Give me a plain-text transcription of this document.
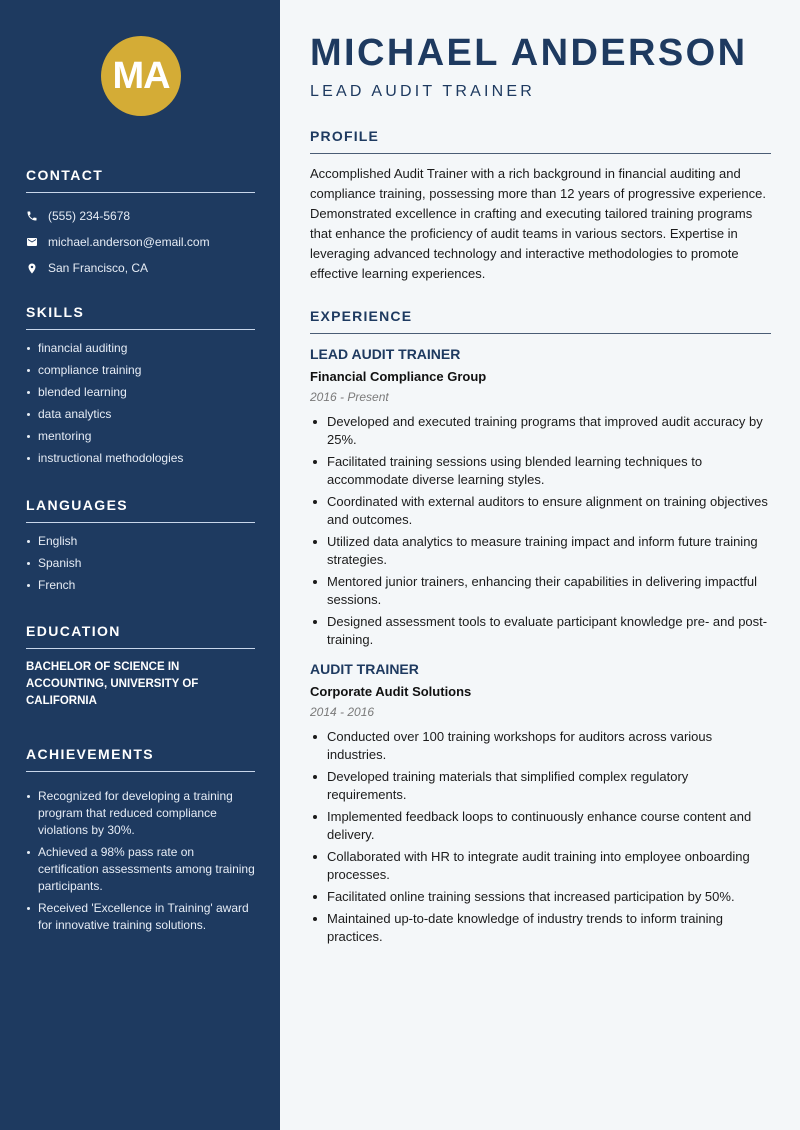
MA
CONTACT
(555) 234-5678
michael.anderson@email.com
San Francisco, CA
SKILLS
financial auditing
compliance training
blended learning
data analytics
mentoring
instructional methodologies
LANGUAGES
English
Spanish
French
EDUCATION

BACHELOR OF SCIENCE IN ACCOUNTING, UNIVERSITY OF CALIFORNIA

ACHIEVEMENTS
Recognized for developing a training program that reduced compliance violations by 30%.
Achieved a 98% pass rate on certification assessments among training participants.
Received 'Excellence in Training' award for innovative training solutions.
MICHAEL ANDERSON
LEAD AUDIT TRAINER
PROFILE

Accomplished Audit Trainer with a rich background in financial auditing and compliance training, possessing more than 12 years of progressive experience. Demonstrated excellence in crafting and executing tailored training programs that enhance the proficiency of audit teams in various sectors. Expertise in leveraging advanced technology and interactive methodologies to promote effective learning experiences.

EXPERIENCE
LEAD AUDIT TRAINER
Financial Compliance Group
2016 - Present
Developed and executed training programs that improved audit accuracy by 25%.
Facilitated training sessions using blended learning techniques to accommodate diverse learning styles.
Coordinated with external auditors to ensure alignment on training objectives and outcomes.
Utilized data analytics to measure training impact and inform future training strategies.
Mentored junior trainers, enhancing their capabilities in delivering impactful sessions.
Designed assessment tools to evaluate participant knowledge pre- and post-training.
AUDIT TRAINER
Corporate Audit Solutions
2014 - 2016
Conducted over 100 training workshops for auditors across various industries.
Developed training materials that simplified complex regulatory requirements.
Implemented feedback loops to continuously enhance course content and delivery.
Collaborated with HR to integrate audit training into employee onboarding processes.
Facilitated online training sessions that increased participation by 50%.
Maintained up-to-date knowledge of industry trends to inform training practices.
